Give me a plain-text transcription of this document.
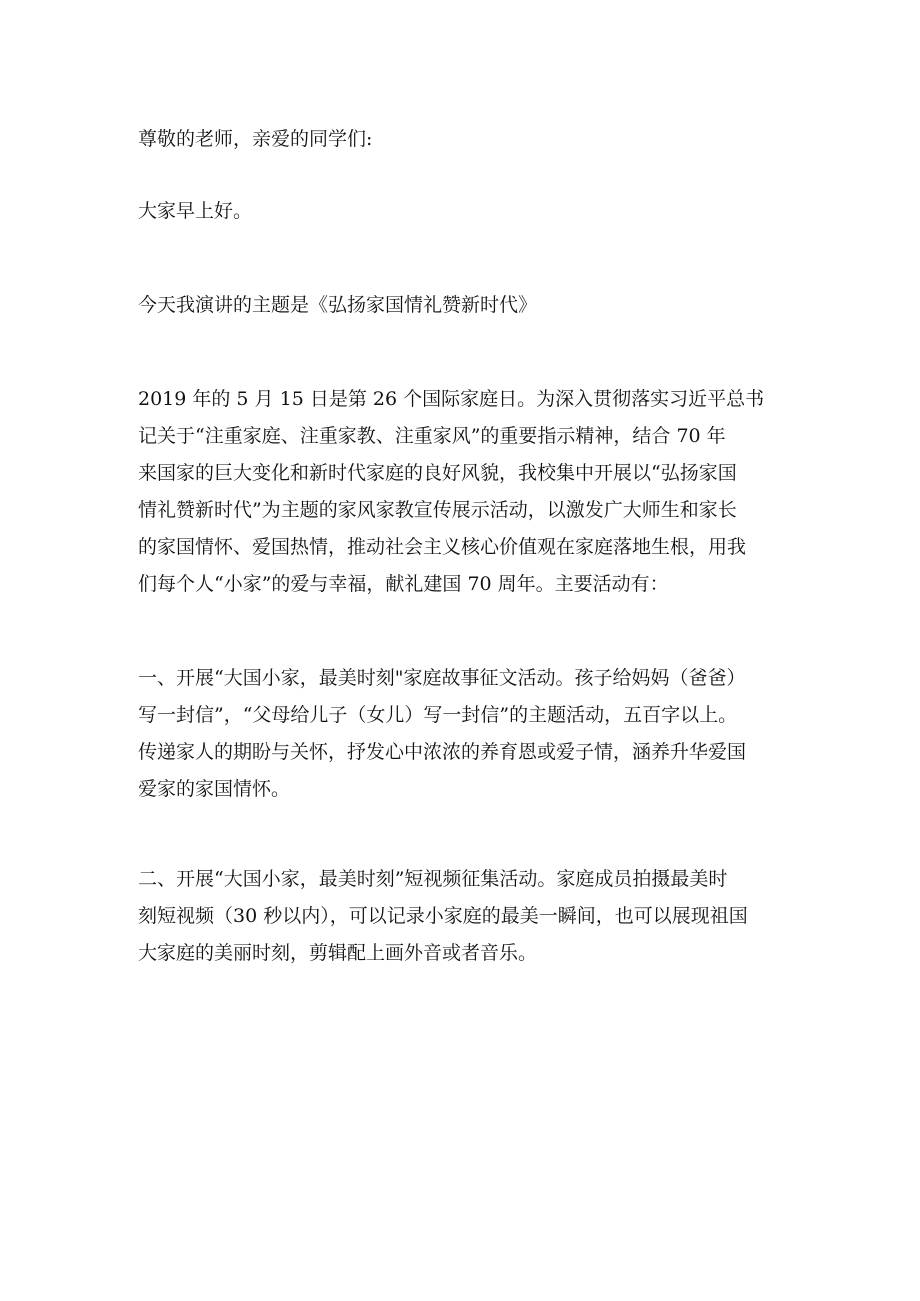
尊敬的老师，亲爱的同学们:

大家早上好。

今天我演讲的主题是《弘扬家国情礼赞新时代》

2019 年的 5 月 15 日是第 26 个国际家庭日。为深入贯彻落实习近平总书
记关于“注重家庭、注重家教、注重家风”的重要指示精神，结合 70 年
来国家的巨大变化和新时代家庭的良好风貌，我校集中开展以“弘扬家国
情礼赞新时代”为主题的家风家教宣传展示活动，以激发广大师生和家长
的家国情怀、爱国热情，推动社会主义核心价值观在家庭落地生根，用我
们每个人“小家”的爱与幸福，献礼建国 70 周年。主要活动有：

一、开展“大国小家，最美时刻"家庭故事征文活动。孩子给妈妈（爸爸）
写一封信”，“父母给儿子（女儿）写一封信”的主题活动，五百字以上。
传递家人的期盼与关怀，抒发心中浓浓的养育恩或爱子情，涵养升华爱国
爱家的家国情怀。

二、开展“大国小家，最美时刻”短视频征集活动。家庭成员拍摄最美时
刻短视频（30 秒以内），可以记录小家庭的最美一瞬间，也可以展现祖国
大家庭的美丽时刻，剪辑配上画外音或者音乐。
